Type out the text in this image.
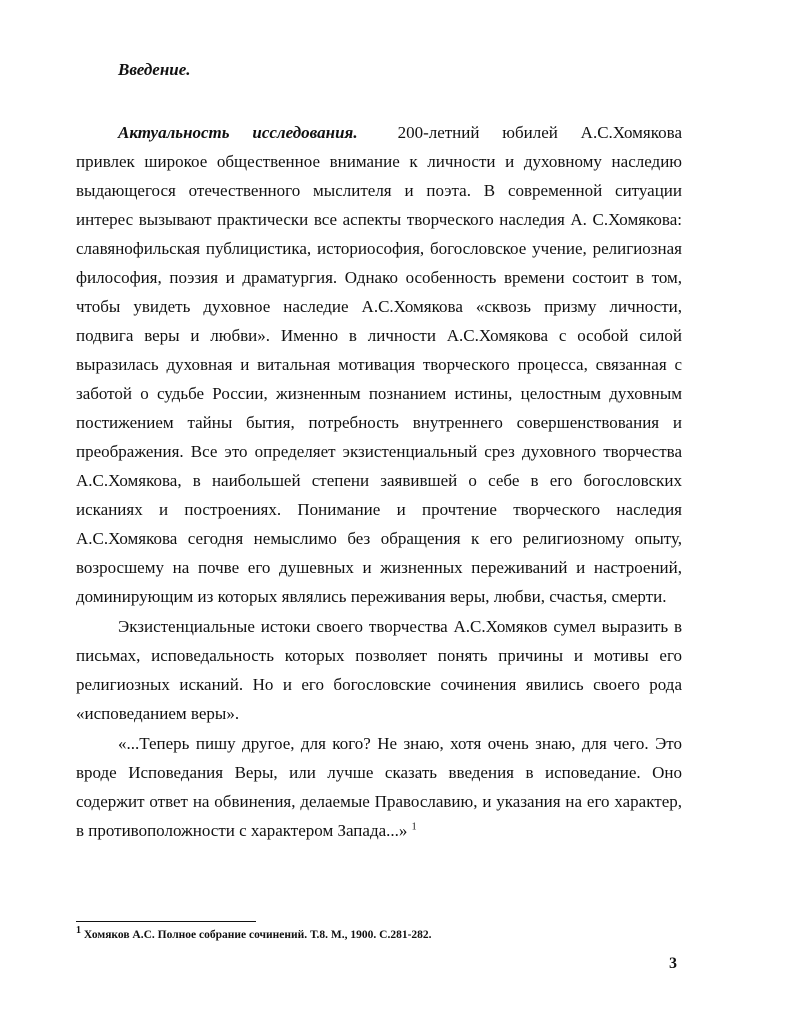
Введение.

Актуальность исследования. 200-летний юбилей А.С.Хомякова привлек широкое общественное внимание к личности и духовному наследию выдающегося отечественного мыслителя и поэта. В современной ситуации интерес вызывают практически все аспекты творческого наследия А. С.Хомякова: славянофильская публицистика, историософия, богословское учение, религиозная философия, поэзия и драматургия. Однако особенность времени состоит в том, чтобы увидеть духовное наследие А.С.Хомякова «сквозь призму личности, подвига веры и любви». Именно в личности А.С.Хомякова с особой силой выразилась духовная и витальная мотивация творческого процесса, связанная с заботой о судьбе России, жизненным познанием истины, целостным духовным постижением тайны бытия, потребность внутреннего совершенствования и преображения. Все это определяет экзистенциальный срез духовного творчества А.С.Хомякова, в наибольшей степени заявившей о себе в его богословских исканиях и построениях. Понимание и прочтение творческого наследия А.С.Хомякова сегодня немыслимо без обращения к его религиозному опыту, возросшему на почве его душевных и жизненных переживаний и настроений, доминирующим из которых являлись переживания веры, любви, счастья, смерти.

Экзистенциальные истоки своего творчества А.С.Хомяков сумел выразить в письмах, исповедальность которых позволяет понять причины и мотивы его религиозных исканий. Но и его богословские сочинения явились своего рода «исповеданием веры».

«...Теперь пишу другое, для кого? Не знаю, хотя очень знаю, для чего. Это вроде Исповедания Веры, или лучше сказать введения в исповедание. Оно содержит ответ на обвинения, делаемые Православию, и указания на его характер, в противоположности с характером Запада...» $^1$

$^1$ Хомяков А.С. Полное собрание сочинений. Т.8. М., 1900. С.281-282.
3
